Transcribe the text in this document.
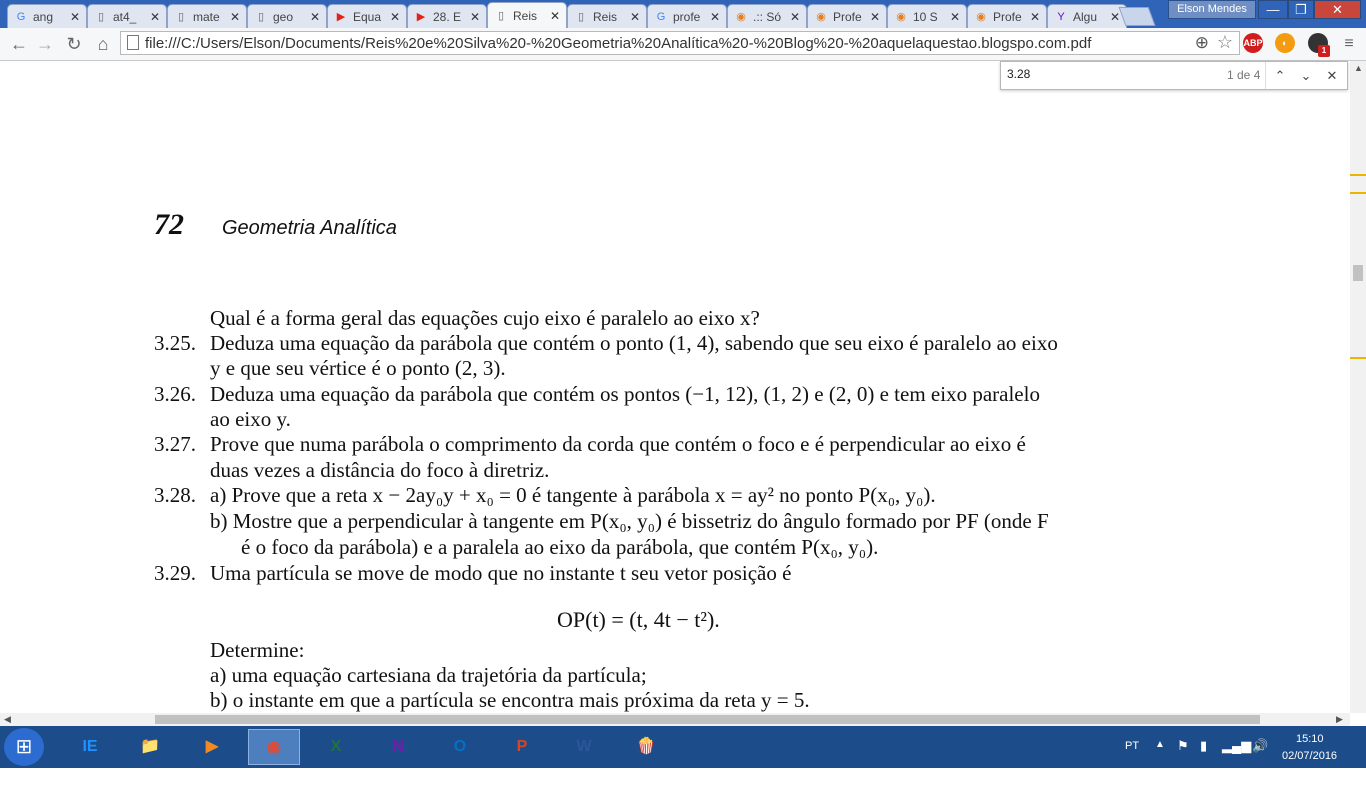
G ang	✕	▯ at4_	✕	▯ mate ✕	▯ geo	✕ ▶ Equa ✕ ▶ 28. E ✕	▯ Reis	✕	▯ Reis	✕ G profe ✕ ◉ .:: Só ✕ ◉ Profe ✕ ◉ 10 S	✕ ◉ Profe ✕	Y Algu	✕
Elson Mendes	—	❐	✕
← → ↻ ⌂	file:///C:/Users/Elson/Documents/Reis%20e%20Silva%20-%20Geometria%20Analítica%20-%20Blog%20-%20aquelaquestao.blogspo.com.pdf	⊕ ☆ ABP	◐
1	≡
72 Geometria Analítica
Qual é a forma geral das equações cujo eixo é paralelo ao eixo x?
3.25. Deduza uma equação da parábola que contém o ponto (1, 4), sabendo que seu eixo é paralelo ao eixo
y e que seu vértice é o ponto (2, 3).
3.26. Deduza uma equação da parábola que contém os pontos (−1, 12), (1, 2) e (2, 0) e tem eixo paralelo
ao eixo y.
3.27. Prove que numa parábola o comprimento da corda que contém o foco e é perpendicular ao eixo é
duas vezes a distância do foco à diretriz.
3.28. a) Prove que a reta x − 2ay₀y + x₀ = 0 é tangente à parábola x = ay² no ponto P(x₀, y₀).
b) Mostre que a perpendicular à tangente em P(x₀, y₀) é bissetriz do ângulo formado por PF (onde F
é o foco da parábola) e a paralela ao eixo da parábola, que contém P(x₀, y₀).
3.29. Uma partícula se move de modo que no instante t seu vetor posição é
OP(t) = (t, 4t − t²).
Determine:
a) uma equação cartesiana da trajetória da partícula;
b) o instante em que a partícula se encontra mais próxima da reta y = 5.
3.28	1 de 4	⌃	⌄	✕	▲
◀	▶
⊞	IE	📁	▶	◉	X	N	O	P	W	🍿	PT ▲ ⚑ ▮ ▂▄▆ 🔊	15:10
02/07/2016
